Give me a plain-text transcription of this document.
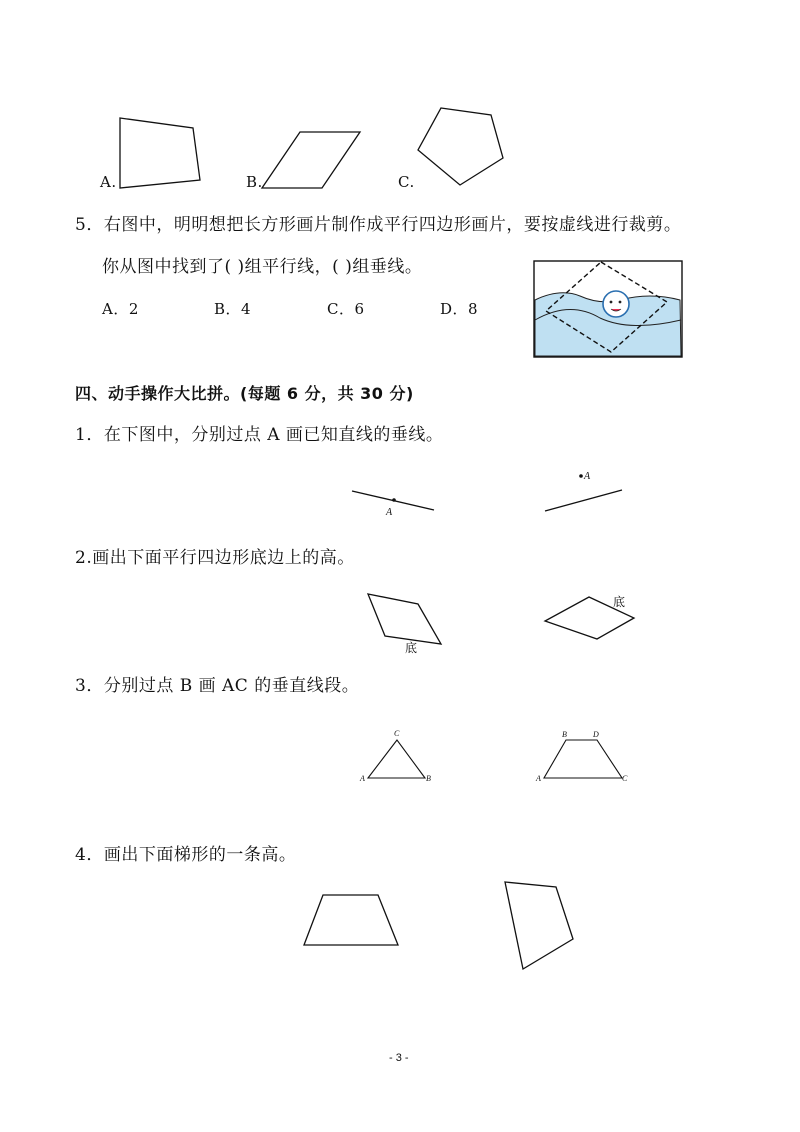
A.	B.	C.
5．右图中，明明想把长方形画片制作成平行四边形画片，要按虚线进行裁剪。
你从图中找到了( )组平行线，( )组垂线。
A．2	B．4	C．6	D．8
四、动手操作大比拼。(每题 6 分，共 30 分)
1．在下图中，分别过点 A 画已知直线的垂线。
A
A
2.画出下面平行四边形底边上的高。
底
底
3．分别过点 B 画 AC 的垂直线段。
C
A	B
B	D
A	C
4．画出下面梯形的一条高。
- 3 -
